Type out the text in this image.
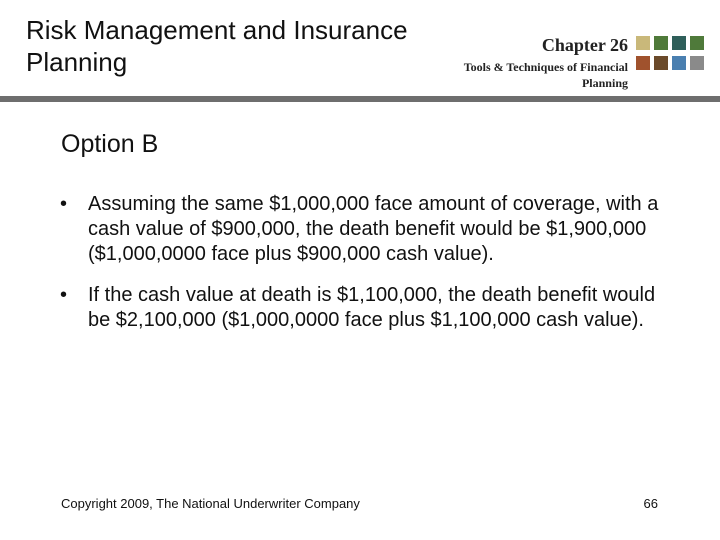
Risk Management and Insurance Planning
Chapter 26
Tools & Techniques of Financial Planning
Option B
• Assuming the same $1,000,000 face amount of coverage, with a cash value of $900,000, the death benefit would be $1,900,000 ($1,000,0000 face plus $900,000 cash value).
• If the cash value at death is $1,100,000, the death benefit would be $2,100,000 ($1,000,0000 face plus $1,100,000 cash value).
Copyright 2009, The National Underwriter Company	66
